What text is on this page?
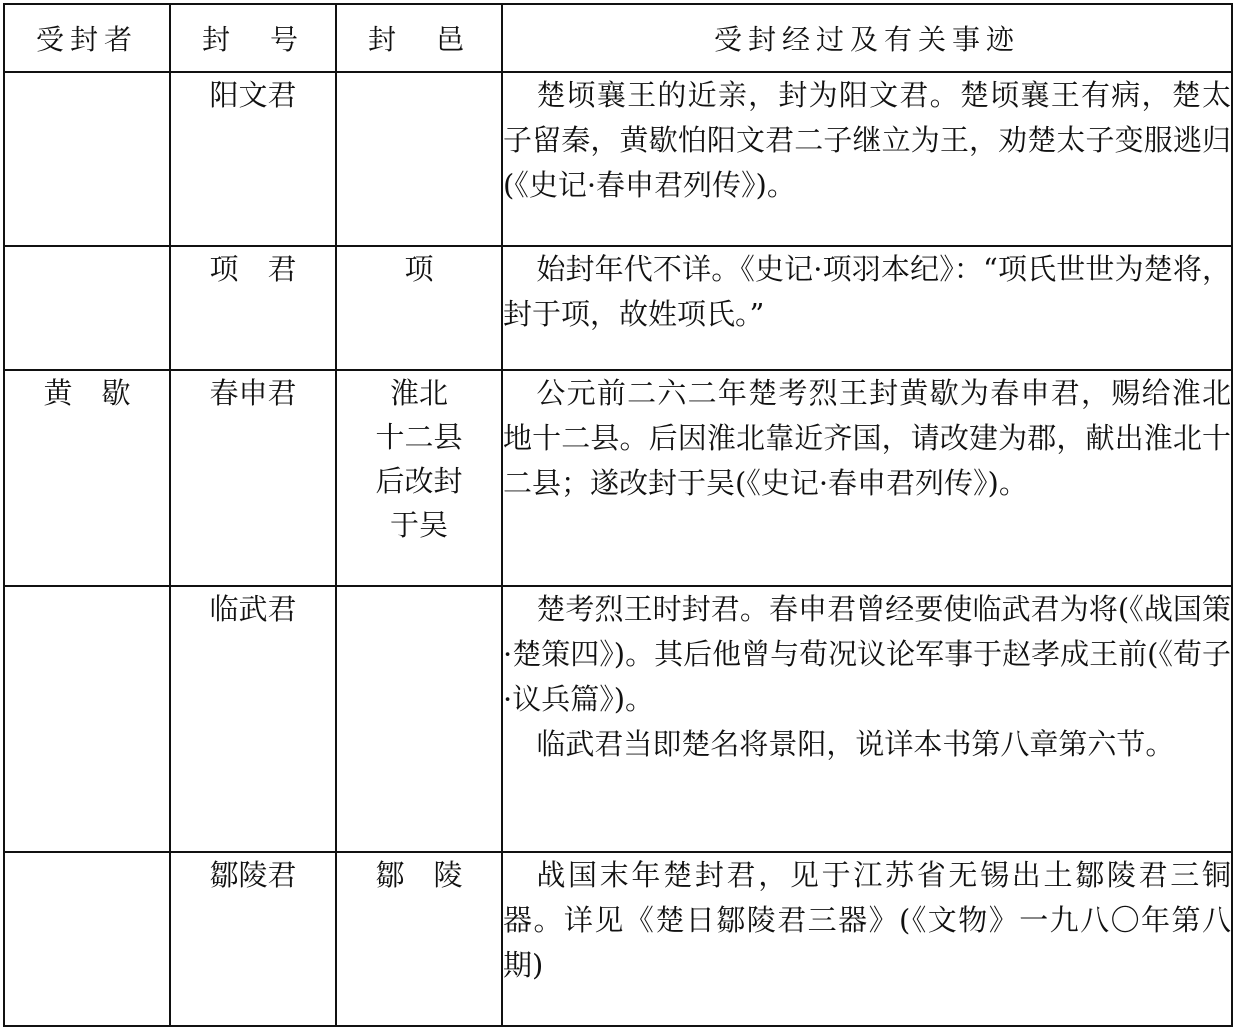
受封者	封　号	封　邑	受封经过及有关事迹
	阳文君		楚顷襄王的近亲，封为阳文君。楚顷襄王有病，楚太子留秦，黄歇怕阳文君二子继立为王，劝楚太子变服逃归(《史记·春申君列传》)。

	项　君	项	始封年代不详。《史记·项羽本纪》：“项氏世世为楚将，封于项，故姓项氏。”

黄　歇	春申君	淮北
十二县
后改封
于吴	公元前二六二年楚考烈王封黄歇为春申君，赐给淮北地十二县。后因淮北靠近齐国，请改建为郡，献出淮北十二县；遂改封于吴(《史记·春申君列传》)。

	临武君		楚考烈王时封君。春申君曾经要使临武君为将(《战国策·楚策四》)。其后他曾与荀况议论军事于赵孝成王前(《荀子·议兵篇》)。

临武君当即楚名将景阳，说详本书第八章第六节。

	鄒陵君	鄒　陵	战国末年楚封君，见于江苏省无锡出土鄒陵君三铜器。详见《楚日鄒陵君三器》(《文物》一九八〇年第八期)
